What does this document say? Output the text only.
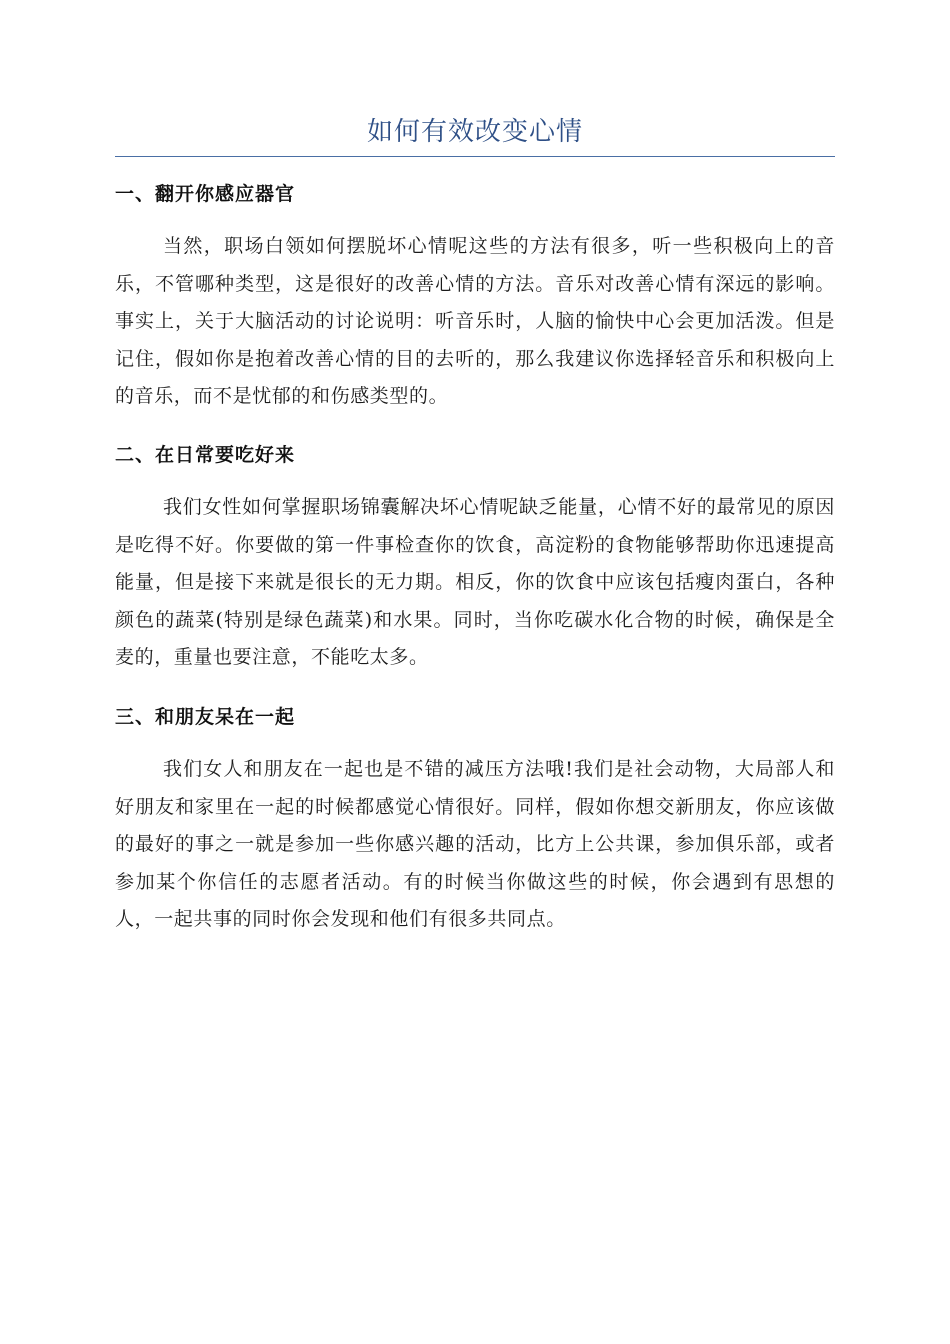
如何有效改变心情
一、翻开你感应器官
当然，职场白领如何摆脱坏心情呢这些的方法有很多，听一些积极向上的音乐，不管哪种类型，这是很好的改善心情的方法。音乐对改善心情有深远的影响。事实上，关于大脑活动的讨论说明：听音乐时，人脑的愉快中心会更加活泼。但是记住，假如你是抱着改善心情的目的去听的，那么我建议你选择轻音乐和积极向上的音乐，而不是忧郁的和伤感类型的。
二、在日常要吃好来
我们女性如何掌握职场锦囊解决坏心情呢缺乏能量，心情不好的最常见的原因是吃得不好。你要做的第一件事检查你的饮食，高淀粉的食物能够帮助你迅速提高能量，但是接下来就是很长的无力期。相反，你的饮食中应该包括瘦肉蛋白，各种颜色的蔬菜(特别是绿色蔬菜)和水果。同时，当你吃碳水化合物的时候，确保是全麦的，重量也要注意，不能吃太多。
三、和朋友呆在一起
我们女人和朋友在一起也是不错的减压方法哦!我们是社会动物，大局部人和好朋友和家里在一起的时候都感觉心情很好。同样，假如你想交新朋友，你应该做的最好的事之一就是参加一些你感兴趣的活动，比方上公共课，参加俱乐部，或者参加某个你信任的志愿者活动。有的时候当你做这些的时候，你会遇到有思想的人，一起共事的同时你会发现和他们有很多共同点。
